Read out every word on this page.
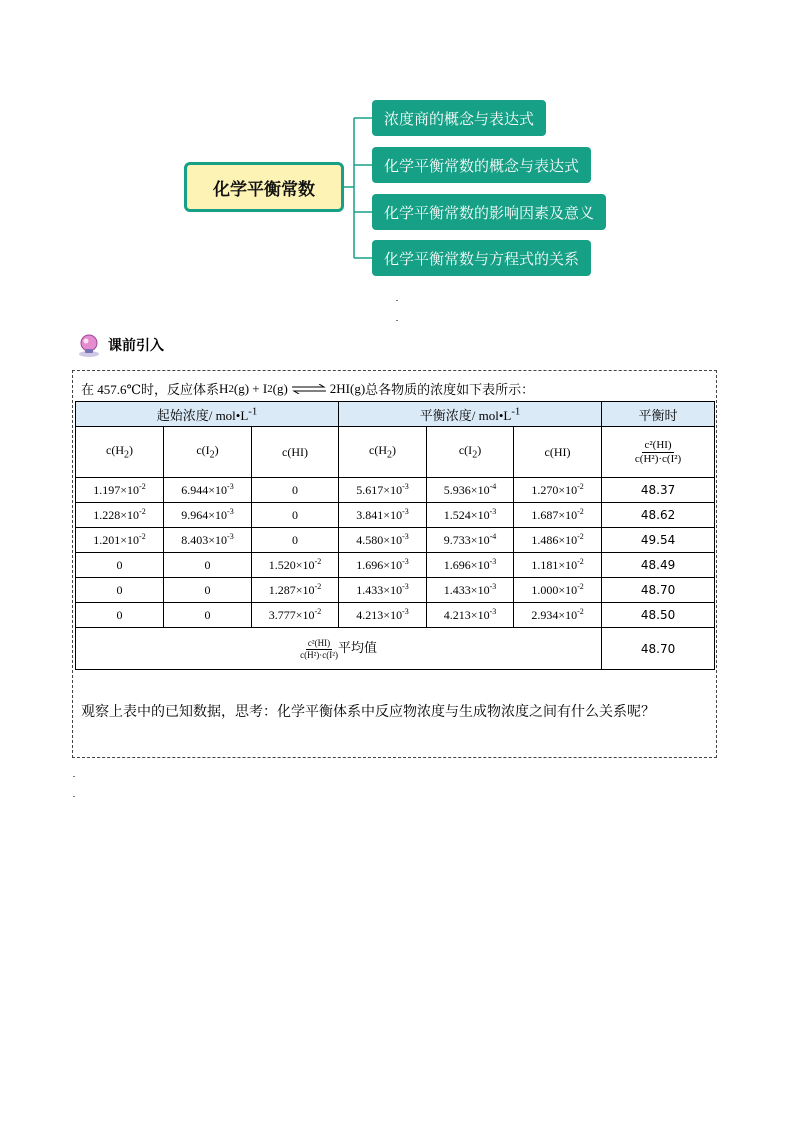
化学平衡常数
浓度商的概念与表达式
化学平衡常数的概念与表达式
化学平衡常数的影响因素及意义
化学平衡常数与方程式的关系
课前引入
在 457.6℃时，反应体系 H 2 (g) + I 2 (g) ⇌ 2HI(g) 总各物质的浓度如下表所示：
起始浓度/ $mol•L^{-1}$			平衡浓度/ $mol•L^{-1}$			平衡时
$c(H_2)$	$c(I_2)$	c(HI)	$c(H_2)$	$c(I_2)$	c(HI)	$\frac{\text{c²(HI)}}{\text{c(H²)·c(I²)}}$

$1.197\times 10^{-2}$	$6.944\times 10^{-3}$	0	$5.617\times 10^{-3}$	$5.936\times 10^{-4}$	$1.270\times 10^{-2}$	48.37
$1.228\times 10^{-2}$	$9.964\times 10^{-3}$	0	$3.841\times 10^{-3}$	$1.524\times 10^{-3}$	$1.687\times 10^{-2}$	48.62
$1.201\times 10^{-2}$	$8.403\times 10^{-3}$	0	$4.580\times 10^{-3}$	$9.733\times 10^{-4}$	$1.486\times 10^{-2}$	49.54
0	0	$1.520\times 10^{-2}$	$1.696\times 10^{-3}$	$1.696\times 10^{-3}$	$1.181\times 10^{-2}$	48.49
0	0	$1.287\times 10^{-2}$	$1.433\times 10^{-3}$	$1.433\times 10^{-3}$	$1.000\times 10^{-2}$	48.70
0	0	$3.777\times 10^{-2}$	$4.213\times 10^{-3}$	$4.213\times 10^{-3}$	$2.934\times 10^{-2}$	48.50

$\frac{\text{c²(HI)}}{\text{c(H²)·c(I²)}}$ 平均值						48.70
观察上表中的已知数据，思考：化学平衡体系中反应物浓度与生成物浓度之间有什么关系呢？
